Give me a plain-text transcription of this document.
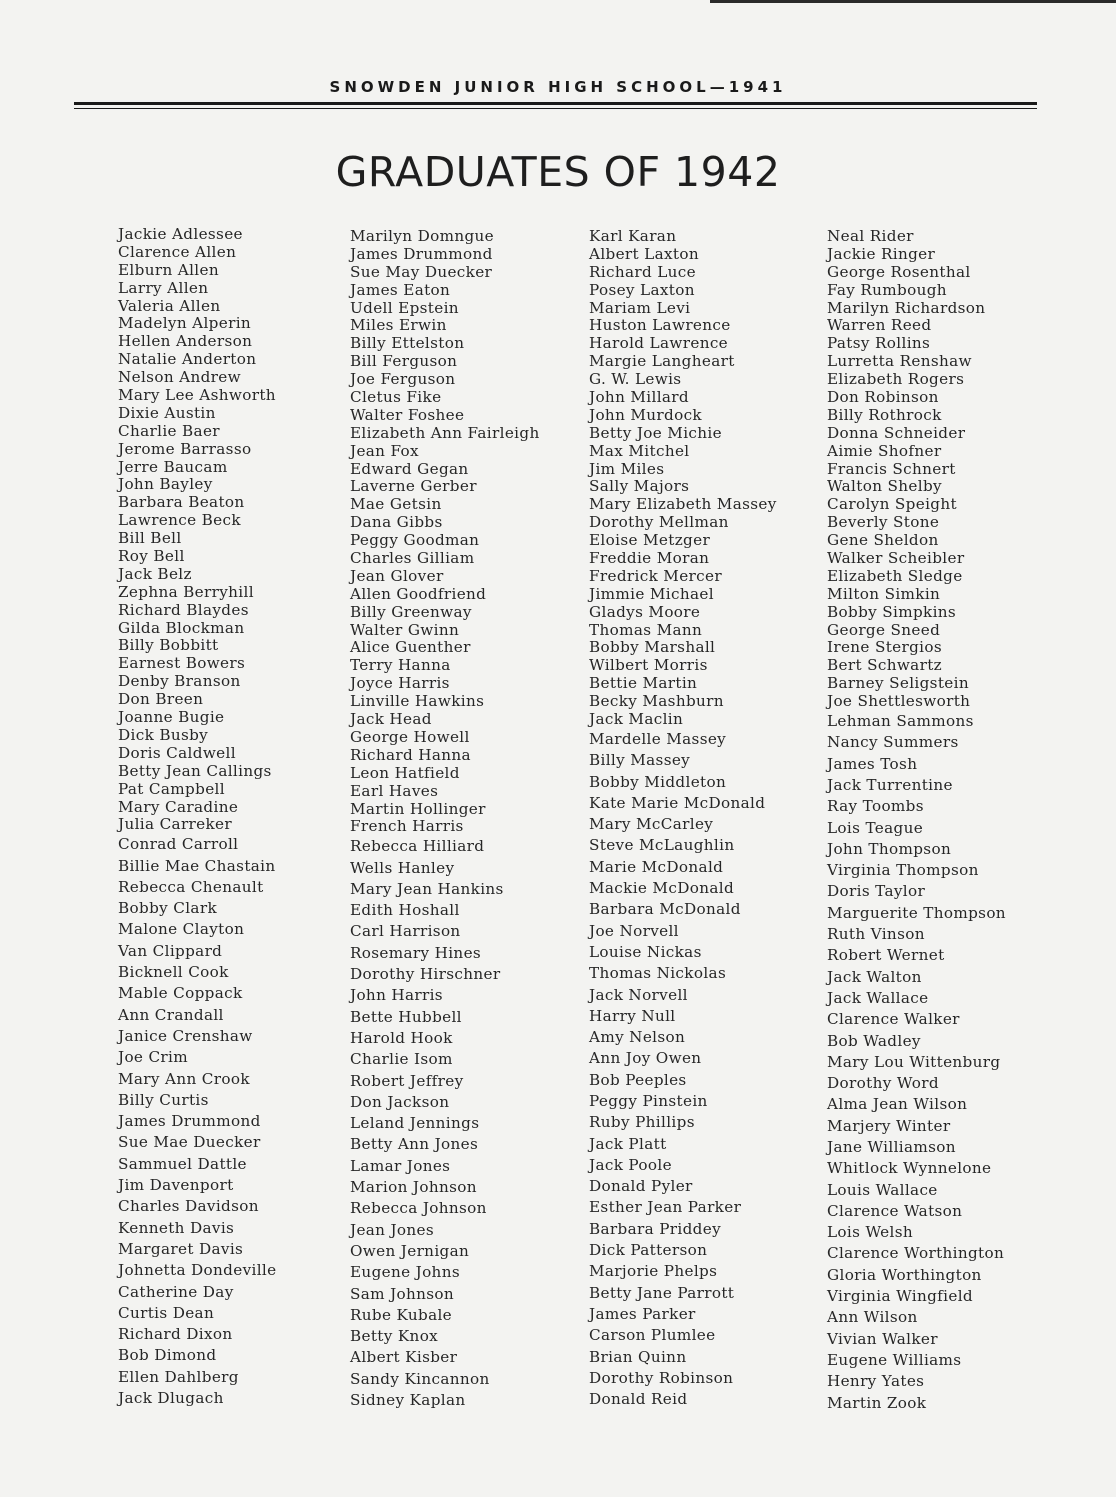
SNOWDEN JUNIOR HIGH SCHOOL—1941
GRADUATES OF 1942
Jackie Adlessee
Clarence Allen
Elburn Allen
Larry Allen
Valeria Allen
Madelyn Alperin
Hellen Anderson
Natalie Anderton
Nelson Andrew
Mary Lee Ashworth
Dixie Austin
Charlie Baer
Jerome Barrasso
Jerre Baucam
John Bayley
Barbara Beaton
Lawrence Beck
Bill Bell
Roy Bell
Jack Belz
Zephna Berryhill
Richard Blaydes
Gilda Blockman
Billy Bobbitt
Earnest Bowers
Denby Branson
Don Breen
Joanne Bugie
Dick Busby
Doris Caldwell
Betty Jean Callings
Pat Campbell
Mary Caradine
Julia Carreker
Conrad Carroll
Billie Mae Chastain
Rebecca Chenault
Bobby Clark
Malone Clayton
Van Clippard
Bicknell Cook
Mable Coppack
Ann Crandall
Janice Crenshaw
Joe Crim
Mary Ann Crook
Billy Curtis
James Drummond
Sue Mae Duecker
Sammuel Dattle
Jim Davenport
Charles Davidson
Kenneth Davis
Margaret Davis
Johnetta Dondeville
Catherine Day
Curtis Dean
Richard Dixon
Bob Dimond
Ellen Dahlberg
Jack Dlugach
Marilyn Domngue
James Drummond
Sue May Duecker
James Eaton
Udell Epstein
Miles Erwin
Billy Ettelston
Bill Ferguson
Joe Ferguson
Cletus Fike
Walter Foshee
Elizabeth Ann Fairleigh
Jean Fox
Edward Gegan
Laverne Gerber
Mae Getsin
Dana Gibbs
Peggy Goodman
Charles Gilliam
Jean Glover
Allen Goodfriend
Billy Greenway
Walter Gwinn
Alice Guenther
Terry Hanna
Joyce Harris
Linville Hawkins
Jack Head
George Howell
Richard Hanna
Leon Hatfield
Earl Haves
Martin Hollinger
French Harris
Rebecca Hilliard
Wells Hanley
Mary Jean Hankins
Edith Hoshall
Carl Harrison
Rosemary Hines
Dorothy Hirschner
John Harris
Bette Hubbell
Harold Hook
Charlie Isom
Robert Jeffrey
Don Jackson
Leland Jennings
Betty Ann Jones
Lamar Jones
Marion Johnson
Rebecca Johnson
Jean Jones
Owen Jernigan
Eugene Johns
Sam Johnson
Rube Kubale
Betty Knox
Albert Kisber
Sandy Kincannon
Sidney Kaplan
Karl Karan
Albert Laxton
Richard Luce
Posey Laxton
Mariam Levi
Huston Lawrence
Harold Lawrence
Margie Langheart
G. W. Lewis
John Millard
John Murdock
Betty Joe Michie
Max Mitchel
Jim Miles
Sally Majors
Mary Elizabeth Massey
Dorothy Mellman
Eloise Metzger
Freddie Moran
Fredrick Mercer
Jimmie Michael
Gladys Moore
Thomas Mann
Bobby Marshall
Wilbert Morris
Bettie Martin
Becky Mashburn
Jack Maclin
Mardelle Massey
Billy Massey
Bobby Middleton
Kate Marie McDonald
Mary McCarley
Steve McLaughlin
Marie McDonald
Mackie McDonald
Barbara McDonald
Joe Norvell
Louise Nickas
Thomas Nickolas
Jack Norvell
Harry Null
Amy Nelson
Ann Joy Owen
Bob Peeples
Peggy Pinstein
Ruby Phillips
Jack Platt
Jack Poole
Donald Pyler
Esther Jean Parker
Barbara Priddey
Dick Patterson
Marjorie Phelps
Betty Jane Parrott
James Parker
Carson Plumlee
Brian Quinn
Dorothy Robinson
Donald Reid
Neal Rider
Jackie Ringer
George Rosenthal
Fay Rumbough
Marilyn Richardson
Warren Reed
Patsy Rollins
Lurretta Renshaw
Elizabeth Rogers
Don Robinson
Billy Rothrock
Donna Schneider
Aimie Shofner
Francis Schnert
Walton Shelby
Carolyn Speight
Beverly Stone
Gene Sheldon
Walker Scheibler
Elizabeth Sledge
Milton Simkin
Bobby Simpkins
George Sneed
Irene Stergios
Bert Schwartz
Barney Seligstein
Joe Shettlesworth
Lehman Sammons
Nancy Summers
James Tosh
Jack Turrentine
Ray Toombs
Lois Teague
John Thompson
Virginia Thompson
Doris Taylor
Marguerite Thompson
Ruth Vinson
Robert Wernet
Jack Walton
Jack Wallace
Clarence Walker
Bob Wadley
Mary Lou Wittenburg
Dorothy Word
Alma Jean Wilson
Marjery Winter
Jane Williamson
Whitlock Wynnelone
Louis Wallace
Clarence Watson
Lois Welsh
Clarence Worthington
Gloria Worthington
Virginia Wingfield
Ann Wilson
Vivian Walker
Eugene Williams
Henry Yates
Martin Zook
